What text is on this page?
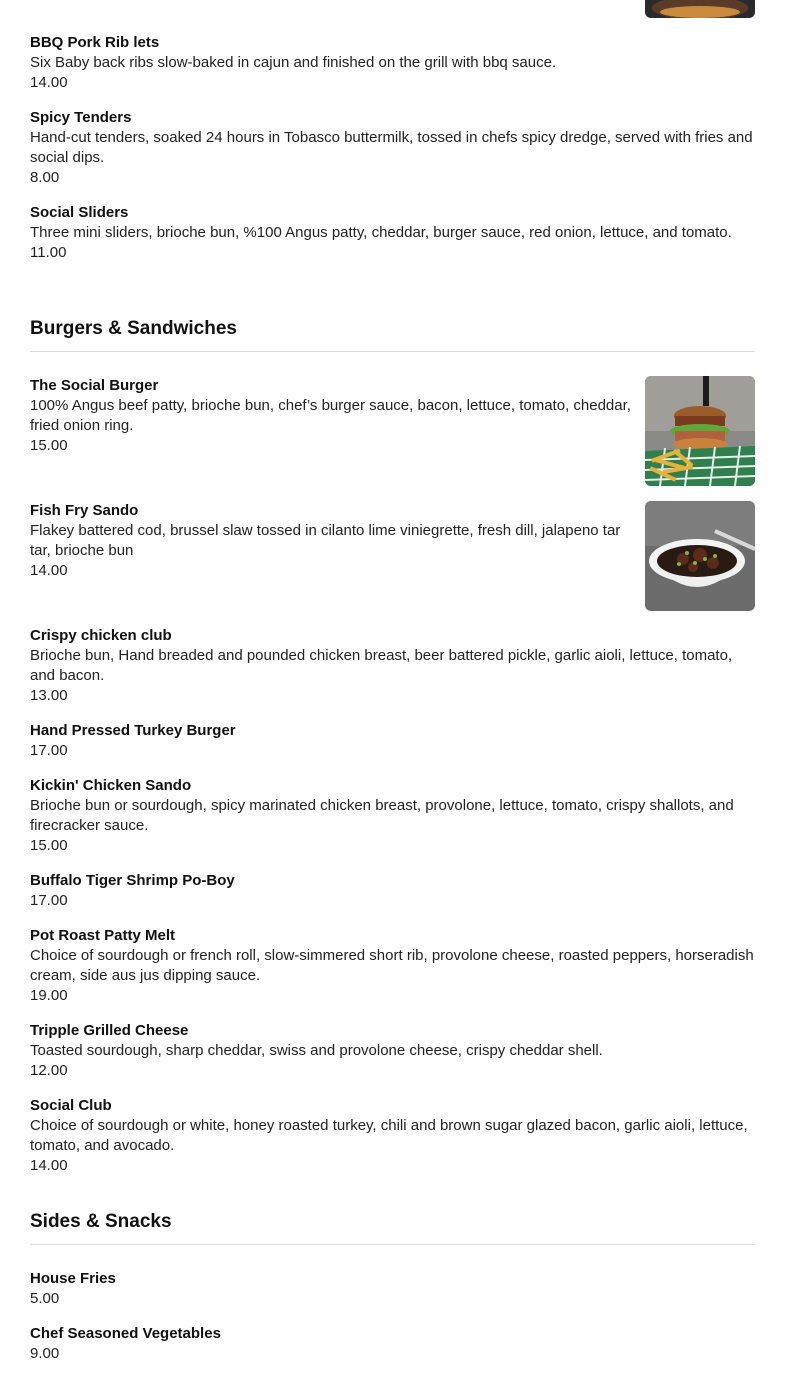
BBQ Pork Rib lets
Six Baby back ribs slow-baked in cajun and finished on the grill with bbq sauce.
14.00
Spicy Tenders
Hand-cut tenders, soaked 24 hours in Tobasco buttermilk, tossed in chefs spicy dredge, served with fries and social dips.
8.00
Social Sliders
Three mini sliders, brioche bun, %100 Angus patty, cheddar, burger sauce, red onion, lettuce, and tomato.
11.00
Burgers & Sandwiches
The Social Burger
100% Angus beef patty, brioche bun, chef’s burger sauce, bacon, lettuce, tomato, cheddar, fried onion ring.
15.00
Fish Fry Sando
Flakey battered cod, brussel slaw tossed in cilanto lime viniegrette, fresh dill, jalapeno tar tar, brioche bun
14.00
Crispy chicken club
Brioche bun, Hand breaded and pounded chicken breast, beer battered pickle, garlic aioli, lettuce, tomato, and bacon.
13.00
Hand Pressed Turkey Burger
17.00
Kickin' Chicken Sando
Brioche bun or sourdough, spicy marinated chicken breast, provolone, lettuce, tomato, crispy shallots, and firecracker sauce.
15.00
Buffalo Tiger Shrimp Po-Boy
17.00
Pot Roast Patty Melt
Choice of sourdough or french roll, slow-simmered short rib, provolone cheese, roasted peppers, horseradish cream, side aus jus dipping sauce.
19.00
Tripple Grilled Cheese
Toasted sourdough, sharp cheddar, swiss and provolone cheese, crispy cheddar shell.
12.00
Social Club
Choice of sourdough or white, honey roasted turkey, chili and brown sugar glazed bacon, garlic aioli, lettuce, tomato, and avocado.
14.00
Sides & Snacks
House Fries
5.00
Chef Seasoned Vegetables
9.00
